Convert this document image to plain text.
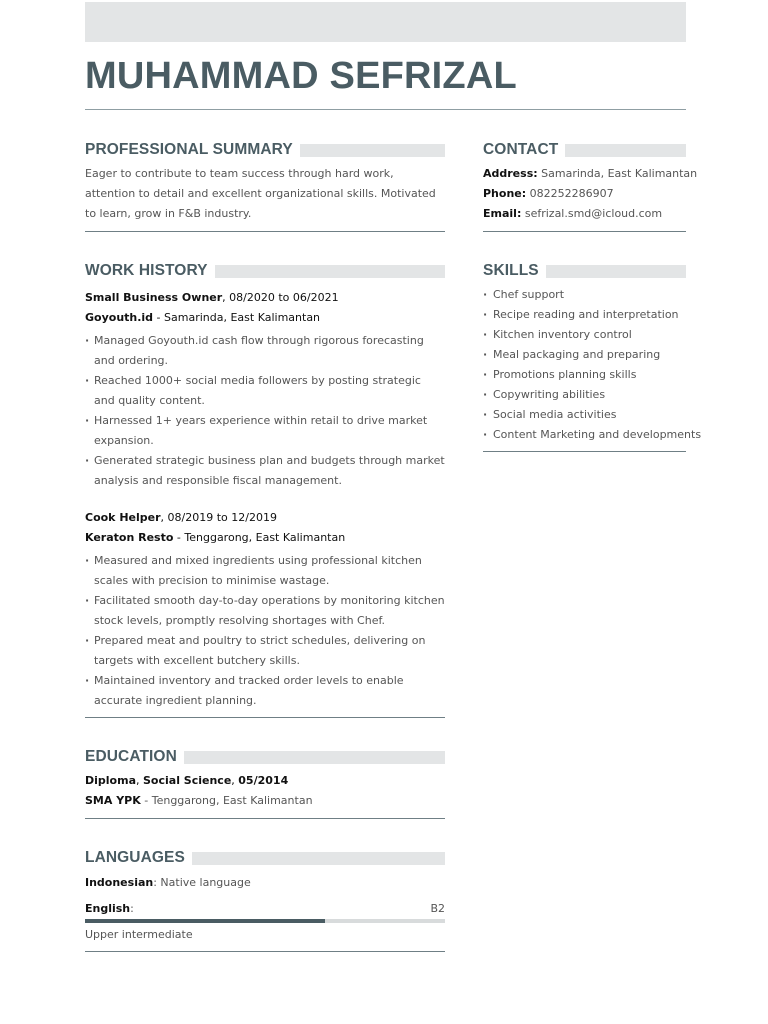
MUHAMMAD SEFRIZAL
PROFESSIONAL SUMMARY
Eager to contribute to team success through hard work, attention to detail and excellent organizational skills. Motivated to learn, grow in F&B industry.
WORK HISTORY
Small Business Owner, 08/2020 to 06/2021
Goyouth.id - Samarinda, East Kalimantan
· Managed Goyouth.id cash flow through rigorous forecasting and ordering.
· Reached 1000+ social media followers by posting strategic and quality content.
· Harnessed 1+ years experience within retail to drive market expansion.
· Generated strategic business plan and budgets through market analysis and responsible fiscal management.
Cook Helper, 08/2019 to 12/2019
Keraton Resto - Tenggarong, East Kalimantan
· Measured and mixed ingredients using professional kitchen scales with precision to minimise wastage.
· Facilitated smooth day-to-day operations by monitoring kitchen stock levels, promptly resolving shortages with Chef.
· Prepared meat and poultry to strict schedules, delivering on targets with excellent butchery skills.
· Maintained inventory and tracked order levels to enable accurate ingredient planning.
EDUCATION
Diploma, Social Science, 05/2014
SMA YPK - Tenggarong, East Kalimantan
LANGUAGES
Indonesian: Native language
English:	B2
Upper intermediate
CONTACT
Address: Samarinda, East Kalimantan
Phone: 082252286907
Email: sefrizal.smd@icloud.com
SKILLS
· Chef support
· Recipe reading and interpretation
· Kitchen inventory control
· Meal packaging and preparing
· Promotions planning skills
· Copywriting abilities
· Social media activities
· Content Marketing and developments
